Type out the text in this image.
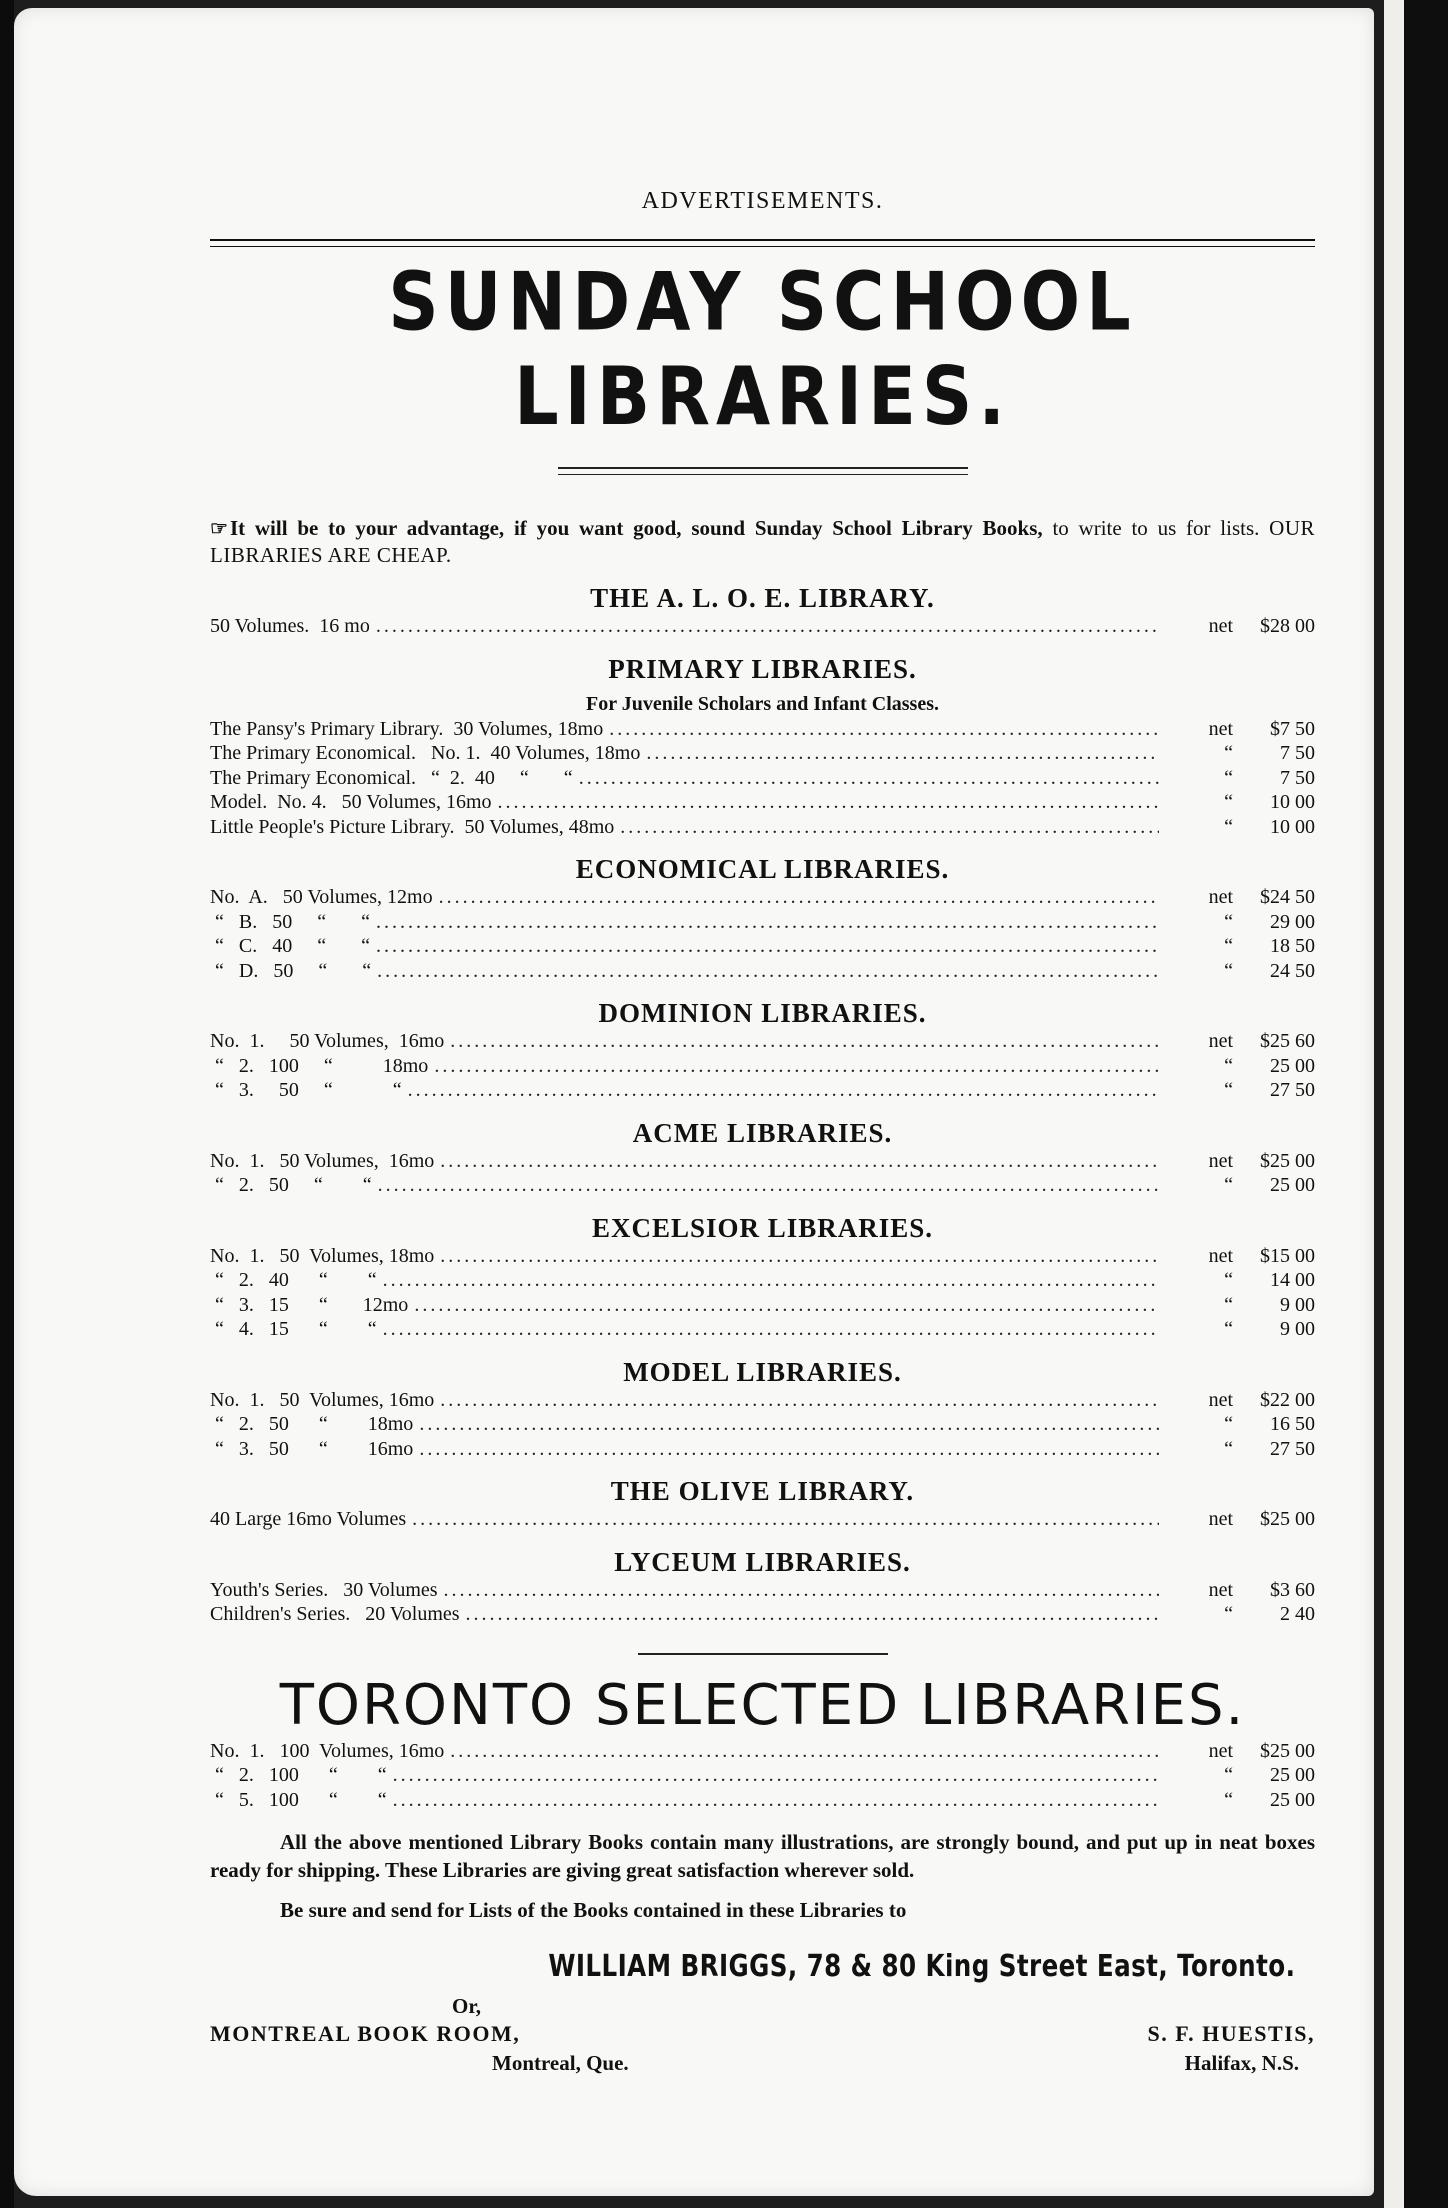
ADVERTISEMENTS.
SUNDAY SCHOOL LIBRARIES.
☞It will be to your advantage, if you want good, sound Sunday School Library Books, to write to us for lists. OUR LIBRARIES ARE CHEAP.
THE A. L. O. E. LIBRARY.
50 Volumes.  16 mo .....	net	$28 00
PRIMARY LIBRARIES.
For Juvenile Scholars and Infant Classes.
The Pansy's Primary Library.  30 Volumes, 18mo .....	net	$7 50
The Primary Economical.   No. 1.  40 Volumes, 18mo .....	“	7 50
The Primary Economical.   “  2.  40     “       “ .....	“	7 50
Model.  No. 4.   50 Volumes, 16mo .....	“	10 00
Little People's Picture Library.  50 Volumes, 48mo .....	“	10 00
ECONOMICAL LIBRARIES.
No.  A.   50 Volumes, 12mo .....	net	$24 50
“   B.   50     “       “ .....	“	29 00
“   C.   40     “       “ .....	“	18 50
“   D.   50     “       “ .....	“	24 50
DOMINION LIBRARIES.
No.  1.     50 Volumes,  16mo .....	net	$25 60
“   2.   100     “          18mo .....	“	25 00
“   3.     50     “            “ .....	“	27 50
ACME LIBRARIES.
No.  1.   50 Volumes,  16mo .....	net	$25 00
“   2.   50     “        “ .....	“	25 00
EXCELSIOR LIBRARIES.
No.  1.   50  Volumes, 18mo .....	net	$15 00
“   2.   40      “        “ .....	“	14 00
“   3.   15      “       12mo .....	“	9 00
“   4.   15      “        “ .....	“	9 00
MODEL LIBRARIES.
No.  1.   50  Volumes, 16mo .....	net	$22 00
“   2.   50      “        18mo .....	“	16 50
“   3.   50      “        16mo .....	“	27 50
THE OLIVE LIBRARY.
40 Large 16mo Volumes .....	net	$25 00
LYCEUM LIBRARIES.
Youth's Series.   30 Volumes .....	net	$3 60
Children's Series.   20 Volumes .....	“	2 40
TORONTO SELECTED LIBRARIES.
No.  1.   100  Volumes, 16mo .....	net	$25 00
“   2.   100      “        “ .....	“	25 00
“   5.   100      “        “ .....	“	25 00
All the above mentioned Library Books contain many illustrations, are strongly bound, and put up in neat boxes ready for shipping. These Libraries are giving great satisfaction wherever sold.
Be sure and send for Lists of the Books contained in these Libraries to
WILLIAM BRIGGS, 78 & 80 King Street East, Toronto.
Or,
MONTREAL BOOK ROOM,	S. F. HUESTIS,
Montreal, Que.	Halifax, N.S.
